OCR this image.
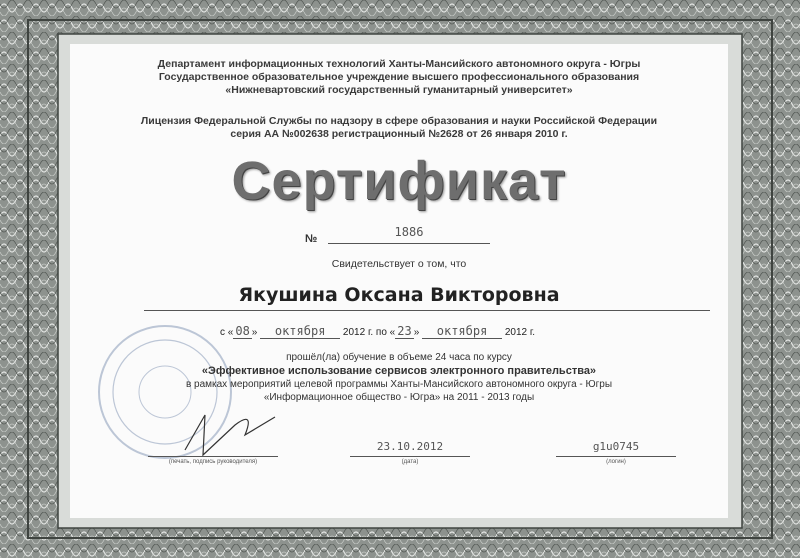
Департамент информационных технологий Ханты-Мансийского автономного округа - Югры
Государственное образовательное учреждение высшего профессионального образования
«Нижневартовский государственный гуманитарный университет»
Лицензия Федеральной Службы по надзору в сфере образования и науки Российской Федерации
серия АА №002638 регистрационный №2628 от 26 января 2010 г.
Сертификат
№	1886
Свидетельствует о том, что
Якушина Оксана Викторовна
с « 08 » октября 2012 г. по « 23 » октября 2012 г.
прошёл(ла) обучение в объеме 24 часа по курсу
«Эффективное использование сервисов электронного правительства»
в рамках мероприятий целевой программы Ханты-Мансийского автономного округа - Югры
«Информационное общество - Югра» на 2011 - 2013 годы
(печать, подпись руководителя)
23.10.2012
(дата)
g1u0745
(логин)
